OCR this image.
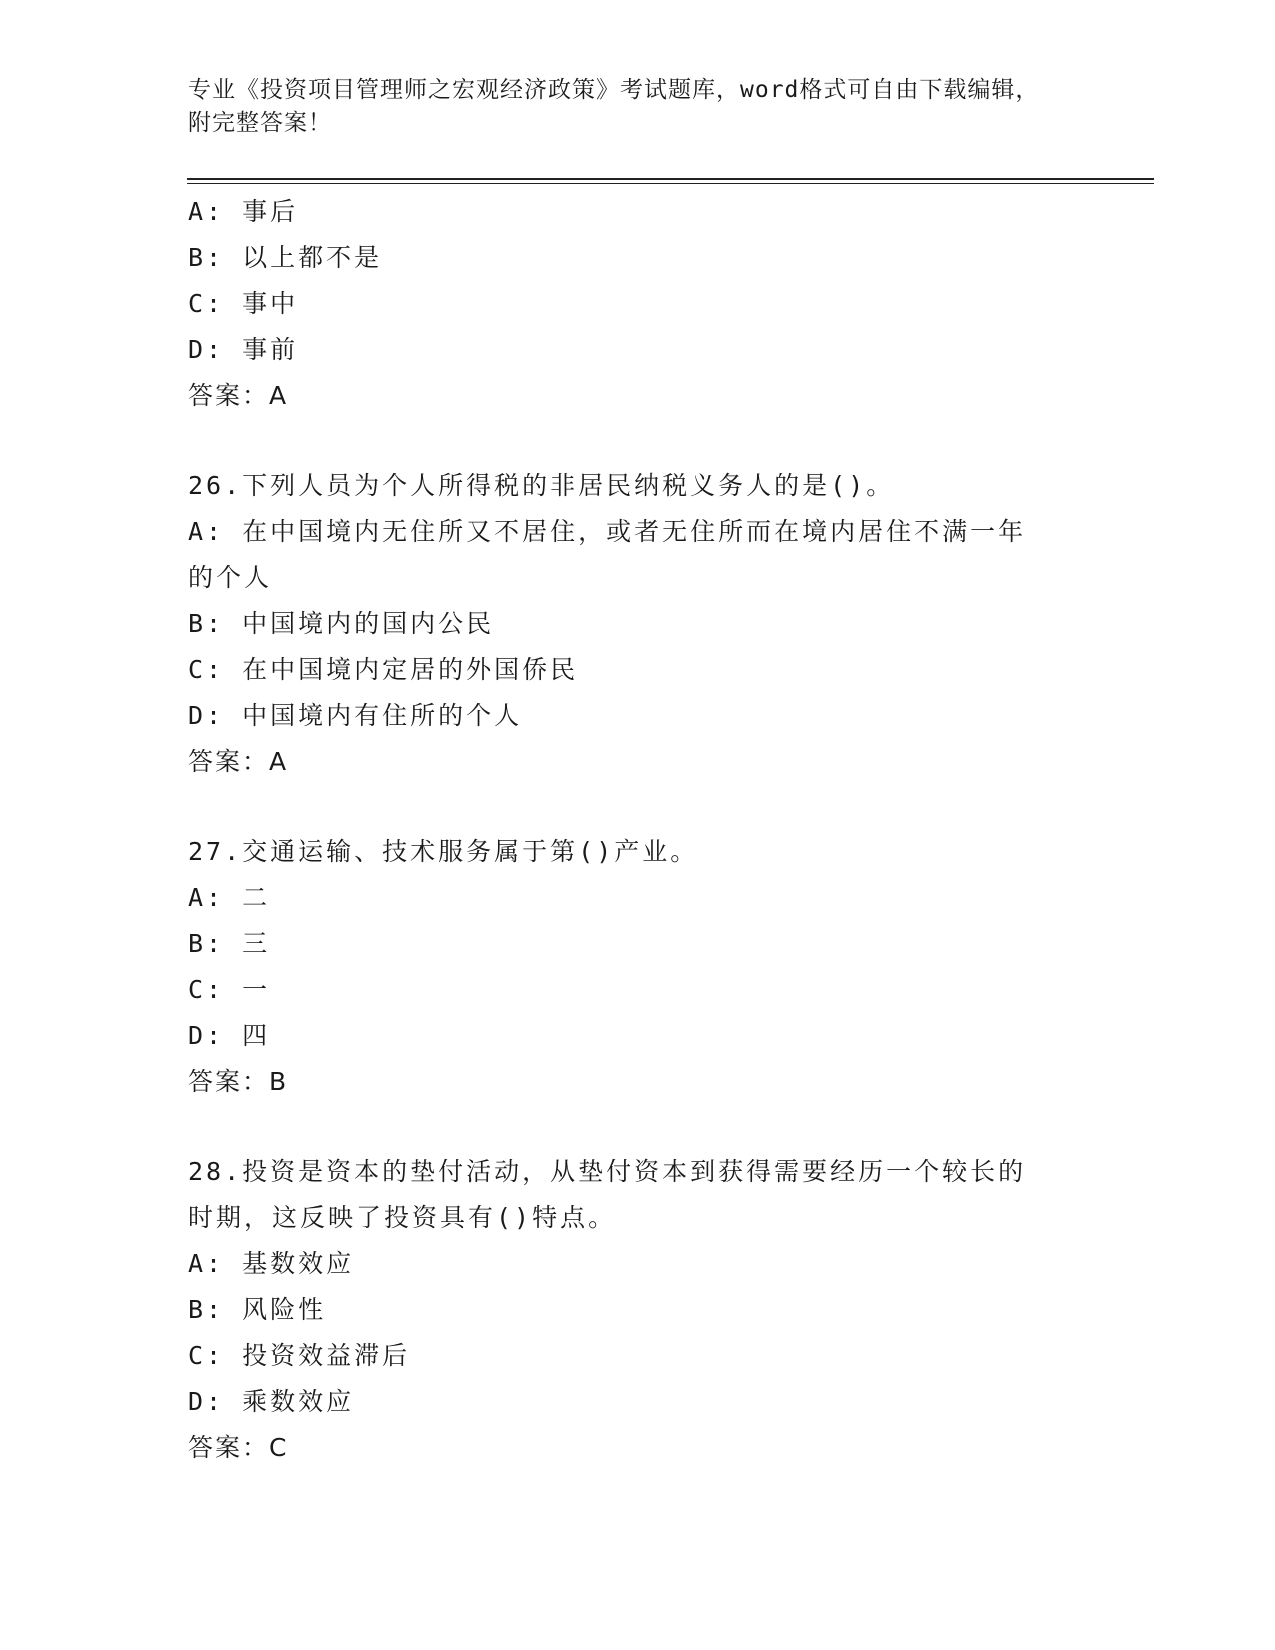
专业《投资项目管理师之宏观经济政策》考试题库，word格式可自由下载编辑，
附完整答案！
A: 事后
B: 以上都不是
C: 事中
D: 事前
答案：A
26.下列人员为个人所得税的非居民纳税义务人的是()。
A: 在中国境内无住所又不居住，或者无住所而在境内居住不满一年的个人
B: 中国境内的国内公民
C: 在中国境内定居的外国侨民
D: 中国境内有住所的个人
答案：A
27.交通运输、技术服务属于第()产业。
A: 二
B: 三
C: 一
D: 四
答案：B
28.投资是资本的垫付活动，从垫付资本到获得需要经历一个较长的时期，这反映了投资具有()特点。
A: 基数效应
B: 风险性
C: 投资效益滞后
D: 乘数效应
答案：C
